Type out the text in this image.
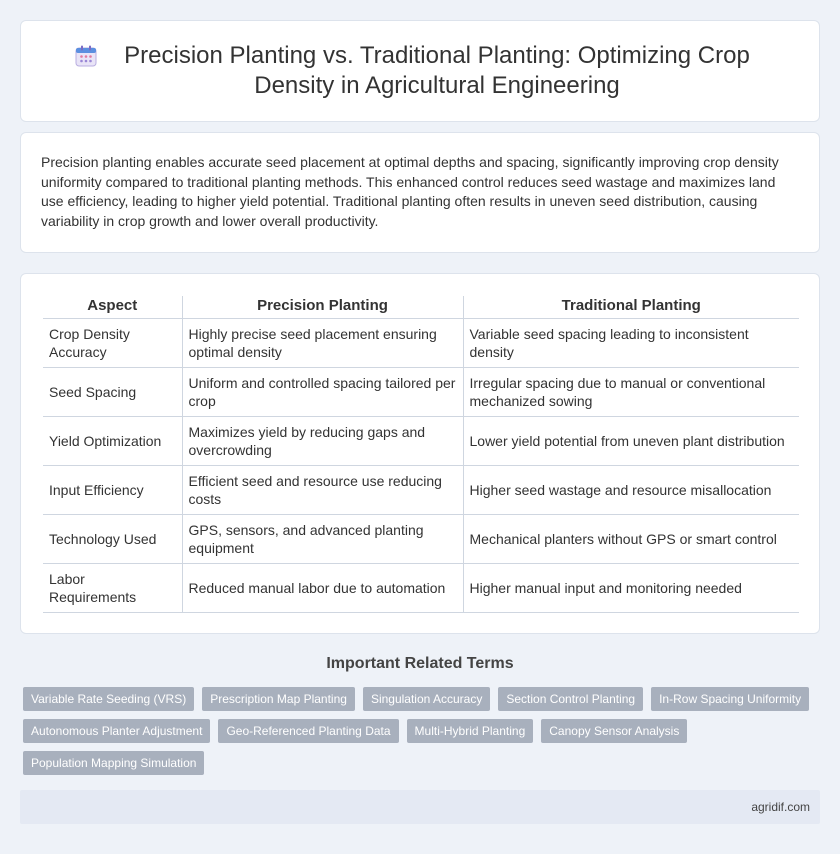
Precision Planting vs. Traditional Planting: Optimizing Crop Density in Agricultural Engineering

Precision planting enables accurate seed placement at optimal depths and spacing, significantly improving crop density uniformity compared to traditional planting methods. This enhanced control reduces seed wastage and maximizes land use efficiency, leading to higher yield potential. Traditional planting often results in uneven seed distribution, causing variability in crop growth and lower overall productivity.

Aspect	Precision Planting	Traditional Planting
Crop Density Accuracy	Highly precise seed placement ensuring optimal density	Variable seed spacing leading to inconsistent density
Seed Spacing	Uniform and controlled spacing tailored per crop	Irregular spacing due to manual or conventional mechanized sowing
Yield Optimization	Maximizes yield by reducing gaps and overcrowding	Lower yield potential from uneven plant distribution
Input Efficiency	Efficient seed and resource use reducing costs	Higher seed wastage and resource misallocation
Technology Used	GPS, sensors, and advanced planting equipment	Mechanical planters without GPS or smart control
Labor Requirements	Reduced manual labor due to automation	Higher manual input and monitoring needed
Important Related Terms
Variable Rate Seeding (VRS)	Prescription Map Planting	Singulation Accuracy	Section Control Planting	In-Row Spacing Uniformity
Autonomous Planter Adjustment	Geo-Referenced Planting Data	Multi-Hybrid Planting	Canopy Sensor Analysis
Population Mapping Simulation
agridif.com
